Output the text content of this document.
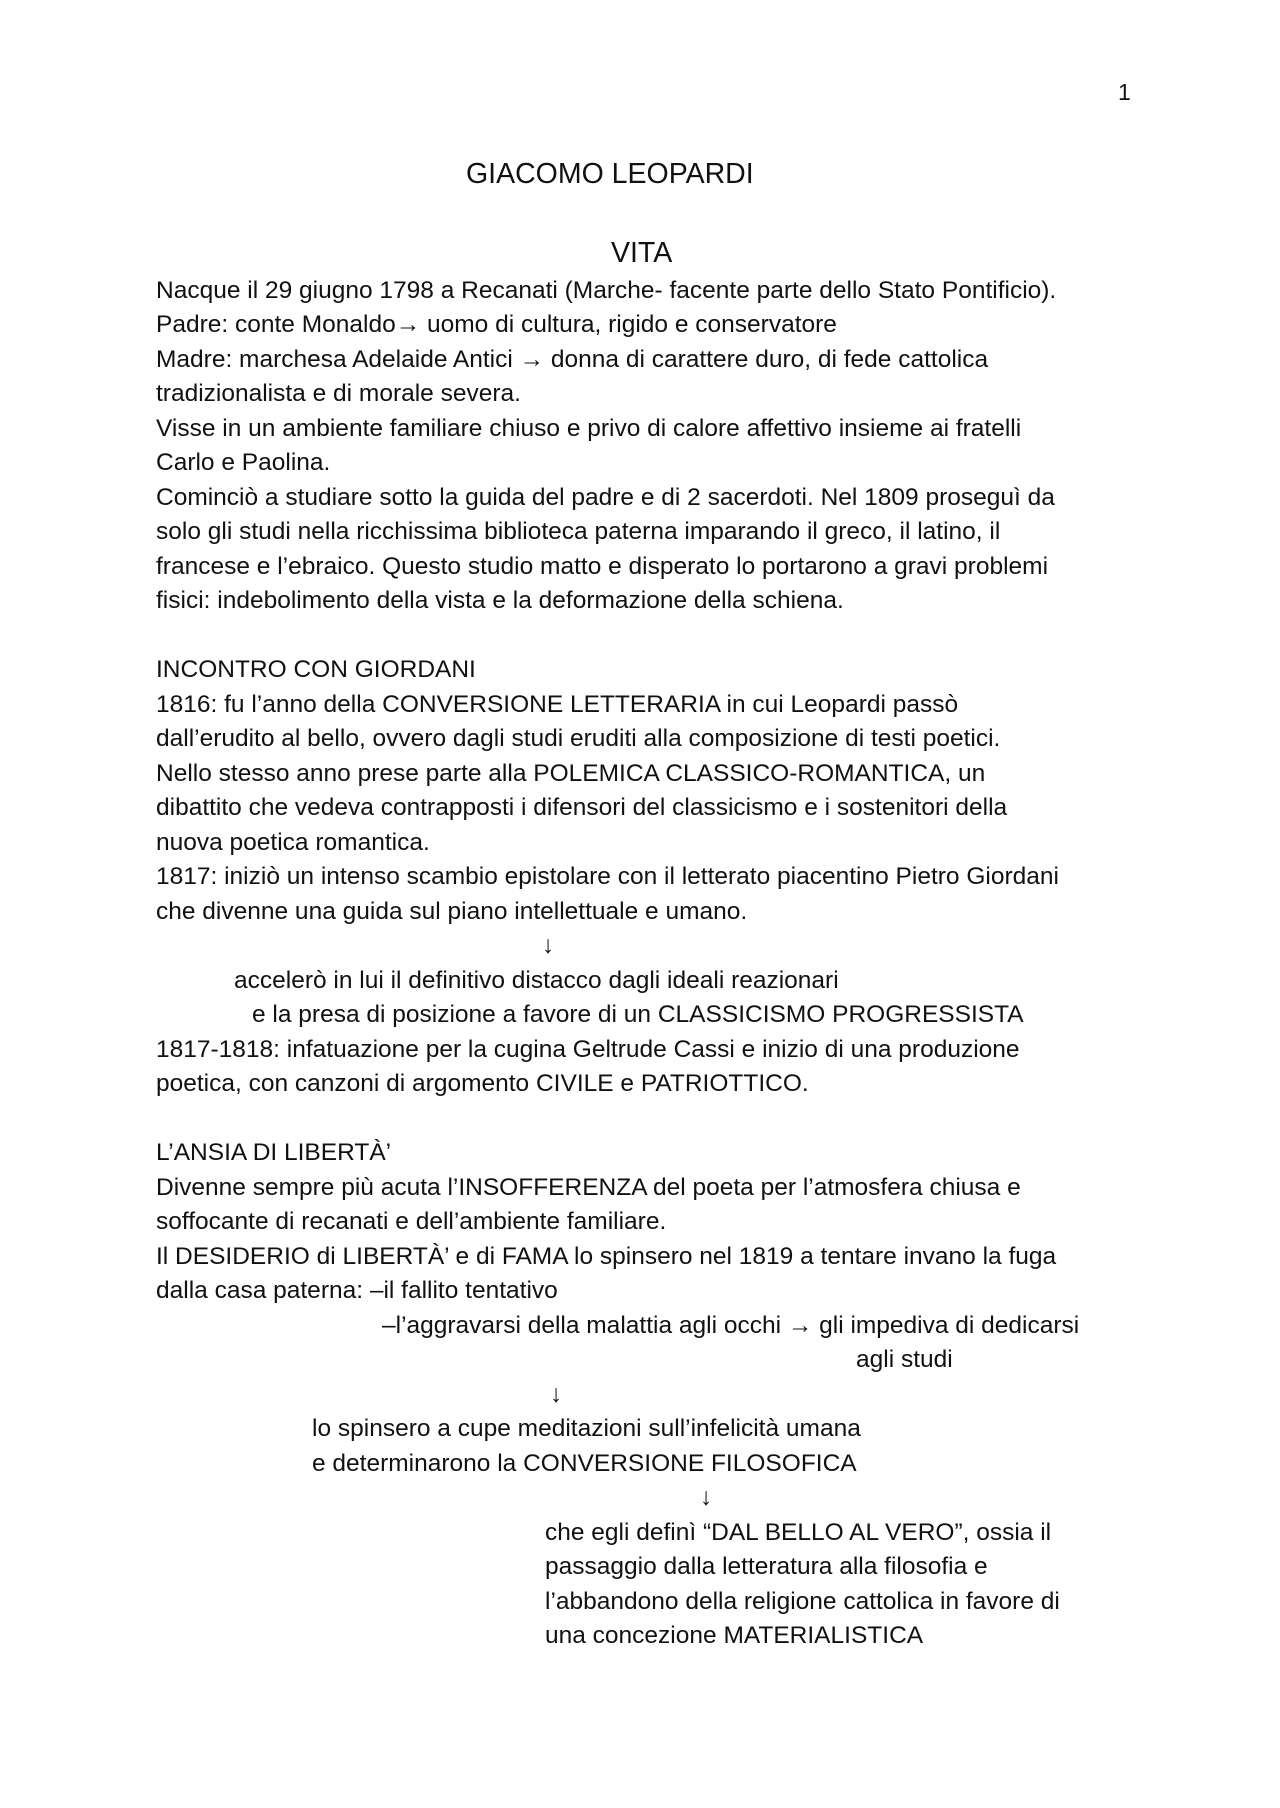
1
GIACOMO LEOPARDI
VITA
Nacque il 29 giugno 1798 a Recanati (Marche- facente parte dello Stato Pontificio).
Padre: conte Monaldo→ uomo di cultura, rigido e conservatore
Madre: marchesa Adelaide Antici → donna di carattere duro, di fede cattolica
tradizionalista e di morale severa.
Visse in un ambiente familiare chiuso e privo di calore affettivo insieme ai fratelli
Carlo e Paolina.
Cominciò a studiare sotto la guida del padre e di 2 sacerdoti. Nel 1809 proseguì da
solo gli studi nella ricchissima biblioteca paterna imparando il greco, il latino, il
francese e l’ebraico. Questo studio matto e disperato lo portarono a gravi problemi
fisici: indebolimento della vista e la deformazione della schiena.
INCONTRO CON GIORDANI
1816: fu l’anno della CONVERSIONE LETTERARIA in cui Leopardi passò
dall’erudito al bello, ovvero dagli studi eruditi alla composizione di testi poetici.
Nello stesso anno prese parte alla POLEMICA CLASSICO-ROMANTICA, un
dibattito che vedeva contrapposti i difensori del classicismo e i sostenitori della
nuova poetica romantica.
1817: iniziò un intenso scambio epistolare con il letterato piacentino Pietro Giordani
che divenne una guida sul piano intellettuale e umano.
↓
accelerò in lui il definitivo distacco dagli ideali reazionari
e la presa di posizione a favore di un CLASSICISMO PROGRESSISTA
1817-1818: infatuazione per la cugina Geltrude Cassi e inizio di una produzione
poetica, con canzoni di argomento CIVILE e PATRIOTTICO.
L’ANSIA DI LIBERTÀ’
Divenne sempre più acuta l’INSOFFERENZA del poeta per l’atmosfera chiusa e
soffocante di recanati e dell’ambiente familiare.
Il DESIDERIO di LIBERTÀ’ e di FAMA lo spinsero nel 1819 a tentare invano la fuga
dalla casa paterna: –il fallito tentativo
–l’aggravarsi della malattia agli occhi → gli impediva di dedicarsi
agli studi
↓
lo spinsero a cupe meditazioni sull’infelicità umana
e determinarono la CONVERSIONE FILOSOFICA
↓
che egli definì “DAL BELLO AL VERO”, ossia il
passaggio dalla letteratura alla filosofia e
l’abbandono della religione cattolica in favore di
una concezione MATERIALISTICA
